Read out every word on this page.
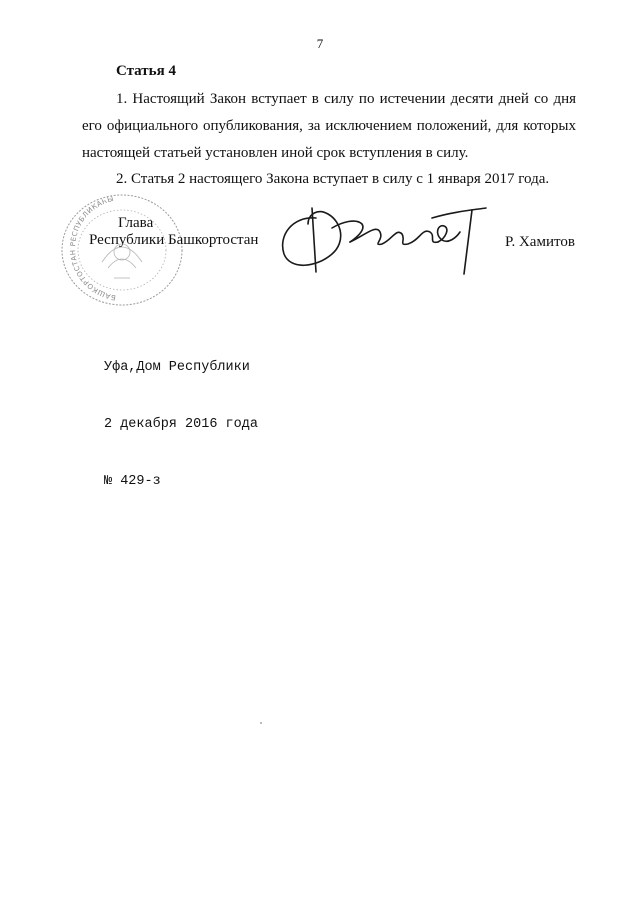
7
Статья 4
1. Настоящий Закон вступает в силу по истечении десяти дней со дня его официального опубликования, за исключением положений, для которых настоящей статьей установлен иной срок вступления в силу.
2. Статья 2 настоящего Закона вступает в силу с 1 января 2017 года.
БАШКОРТОСТАН РЕСПУБЛИКАҺЫ
Глава
Республики Башкортостан	Р. Хамитов

Уфа,Дом Республики

2 декабря 2016 года

№ 429-з
